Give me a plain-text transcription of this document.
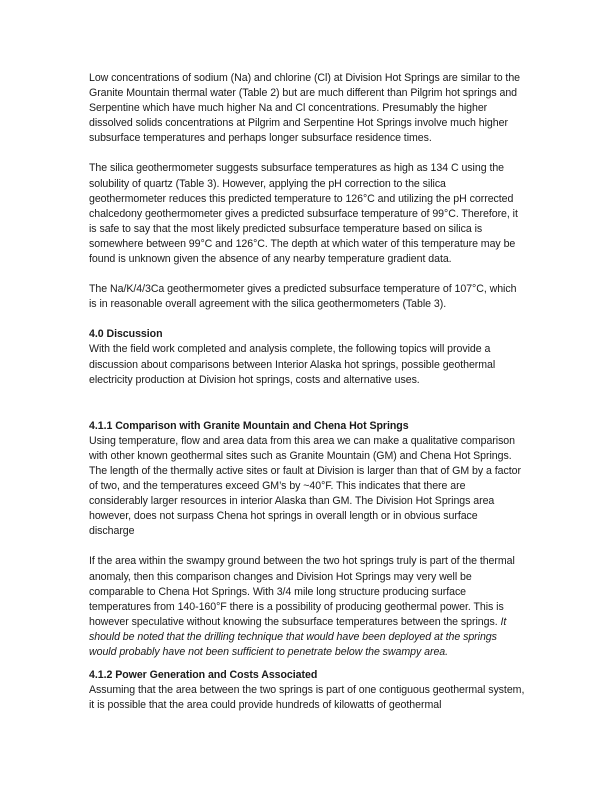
Low concentrations of sodium (Na) and chlorine (Cl) at Division Hot Springs are similar to the Granite Mountain thermal water (Table 2) but are much different than Pilgrim hot springs and Serpentine which have much higher Na and Cl concentrations. Presumably the higher dissolved solids concentrations at Pilgrim and Serpentine Hot Springs involve much higher subsurface temperatures and perhaps longer subsurface residence times.

The silica geothermometer suggests subsurface temperatures as high as 134 C using the solubility of quartz (Table 3). However, applying the pH correction to the silica geothermometer reduces this predicted temperature to 126°C and utilizing the pH corrected chalcedony geothermometer gives a predicted subsurface temperature of 99°C. Therefore, it is safe to say that the most likely predicted subsurface temperature based on silica is somewhere between 99°C and 126°C. The depth at which water of this temperature may be found is unknown given the absence of any nearby temperature gradient data.

The Na/K/4/3Ca geothermometer gives a predicted subsurface temperature of 107°C, which is in reasonable overall agreement with the silica geothermometers (Table 3).

4.0 Discussion

With the field work completed and analysis complete, the following topics will provide a discussion about comparisons between Interior Alaska hot springs, possible geothermal electricity production at Division hot springs, costs and alternative uses.

4.1.1 Comparison with Granite Mountain and Chena Hot Springs

Using temperature, flow and area data from this area we can make a qualitative comparison with other known geothermal sites such as Granite Mountain (GM) and Chena Hot Springs. The length of the thermally active sites or fault at Division is larger than that of GM by a factor of two, and the temperatures exceed GM’s by ~40°F. This indicates that there are considerably larger resources in interior Alaska than GM. The Division Hot Springs area however, does not surpass Chena hot springs in overall length or in obvious surface discharge

If the area within the swampy ground between the two hot springs truly is part of the thermal anomaly, then this comparison changes and Division Hot Springs may very well be comparable to Chena Hot Springs. With 3/4 mile long structure producing surface temperatures from 140-160°F there is a possibility of producing geothermal power. This is however speculative without knowing the subsurface temperatures between the springs. It should be noted that the drilling technique that would have been deployed at the springs would probably have not been sufficient to penetrate below the swampy area.

4.1.2 Power Generation and Costs Associated

Assuming that the area between the two springs is part of one contiguous geothermal system, it is possible that the area could provide hundreds of kilowatts of geothermal
